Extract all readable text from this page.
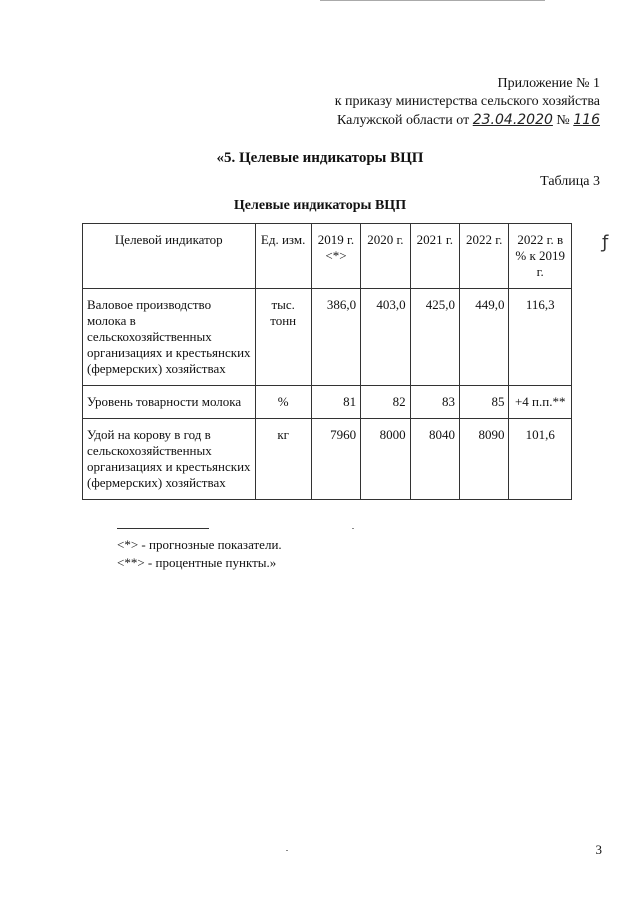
Приложение № 1
к приказу министерства сельского хозяйства
Калужской области от 23.04.2020 № 116
«5. Целевые индикаторы ВЦП
Таблица 3
Целевые индикаторы ВЦП
Целевой индикатор	Ед. изм.	2019 г. <*>	2020 г.	2021 г.	2022 г.	2022 г. в % к 2019 г.
Валовое производство молока в сельскохозяйственных организациях и крестьянских (фермерских) хозяйствах	тыс. тонн	386,0	403,0	425,0	449,0	116,3
Уровень товарности молока	%	81	82	83	85	+4 п.п.**
Удой на корову в год в сельскохозяйственных организациях и крестьянских (фермерских) хозяйствах	кг	7960	8000	8040	8090	101,6
ƒ
<*> - прогнозные показатели.
<**> - процентные пункты.»
3
